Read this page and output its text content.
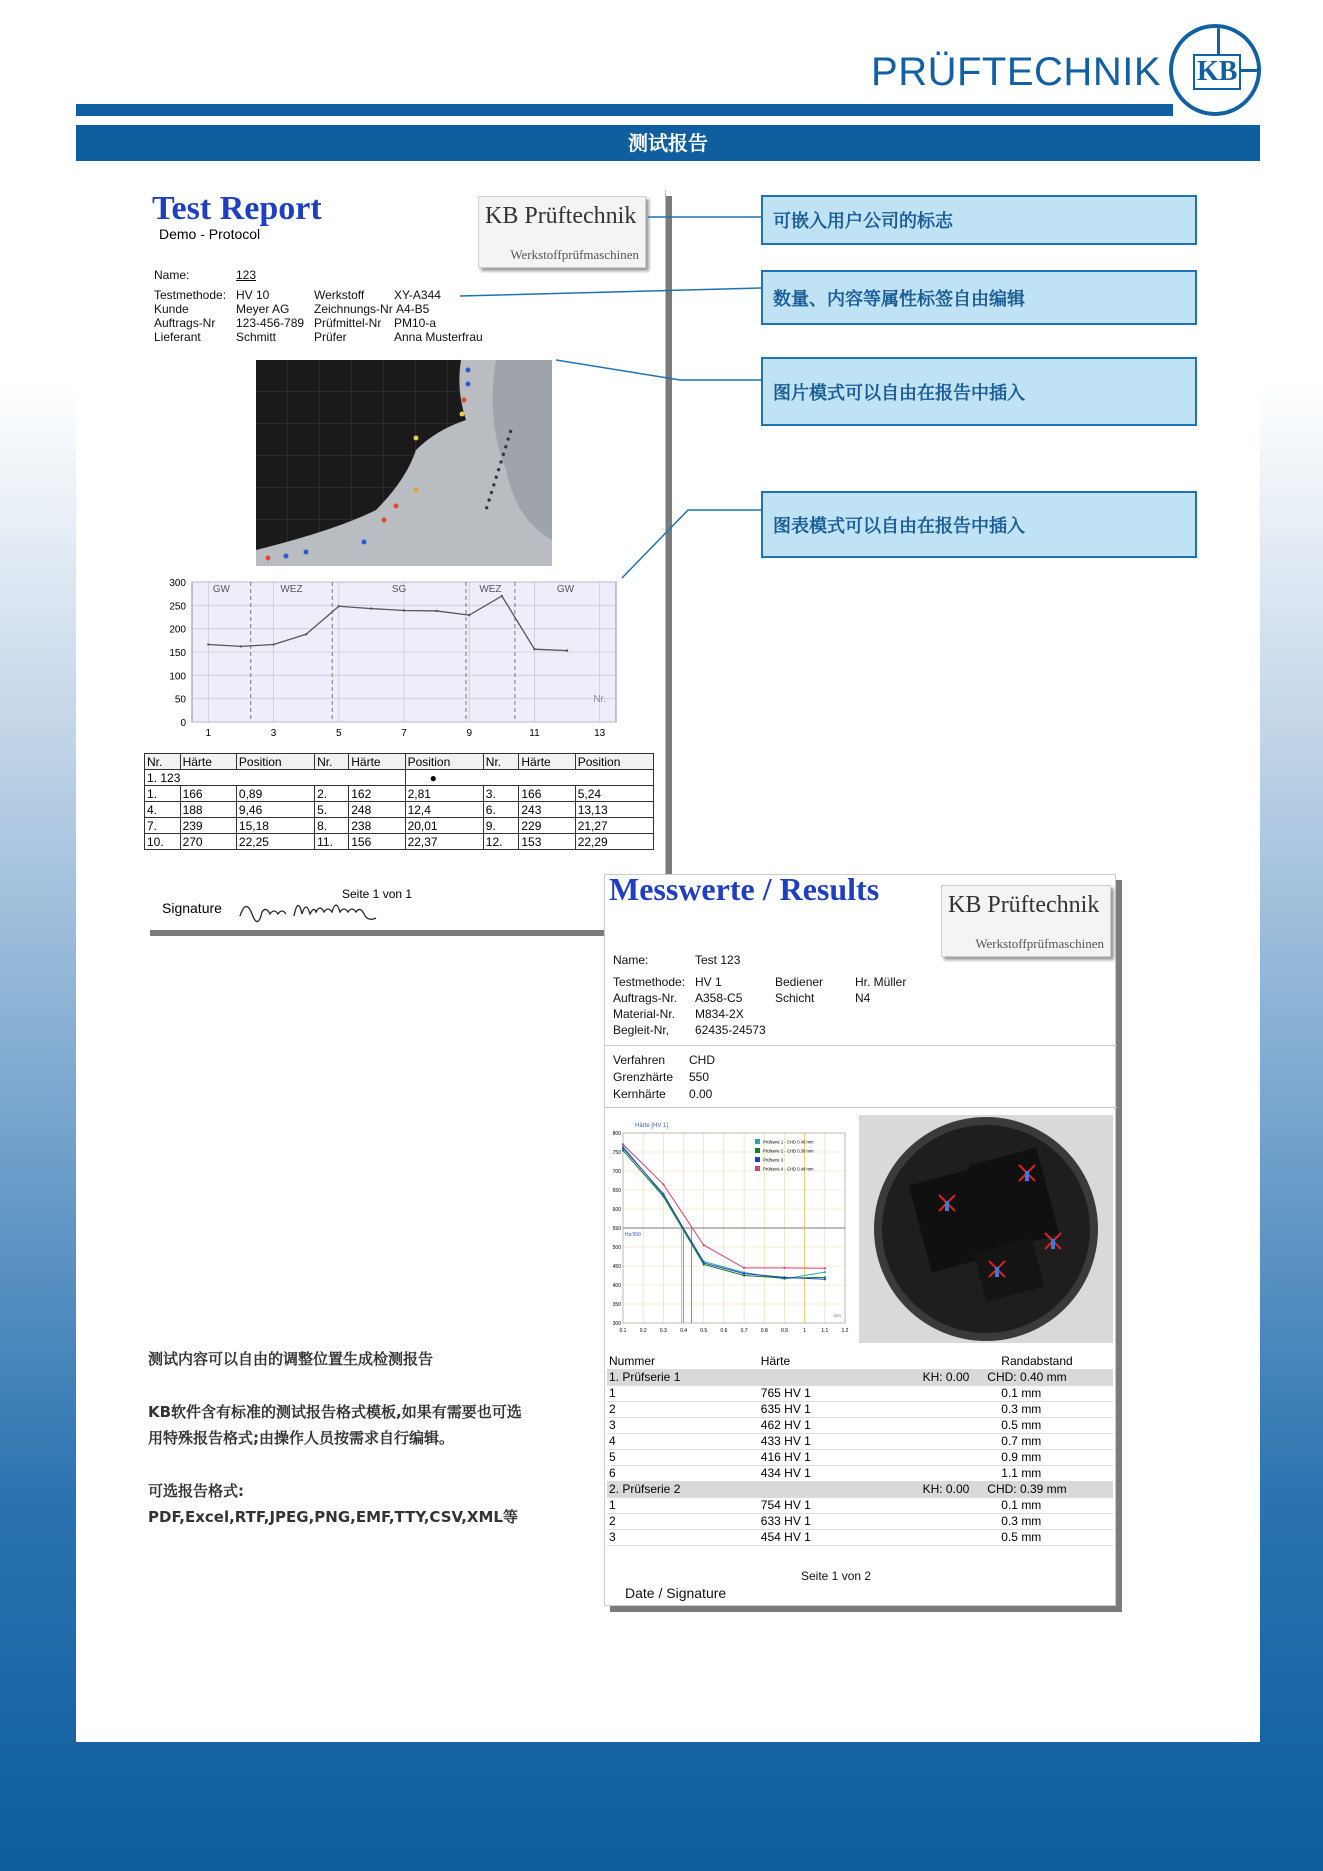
PRÜFTECHNIK KB
测试报告
Test Report
Demo - Protocol
KB Prüftechnik
Werkstoffprüfmaschinen
Name:	123
Testmethode: HV 10
Kunde	Meyer AG
Auftrags-Nr 123-456-789
Lieferant	Schmitt
Werkstoff XY-A344
Zeichnungs-Nr A4-B5
Prüfmittel-Nr PM10-a
Prüfer	Anna Musterfrau
0
50
100
150
200
250
300
1	3	5	7	9	11	13
GW	WEZ	SG	WEZ	GW
Nr.
Nr.	Härte	Position	Nr.	Härte	Position	Nr.	Härte	Position
1. 123					●			
1.	166	0,89	2.	162	2,81	3.	166	5,24
4.	188	9,46	5.	248	12,4	6.	243	13,13
7.	239	15,18	8.	238	20,01	9.	229	21,27
10.	270	22,25	11.	156	22,37	12.	153	22,29
Seite 1 von 1
Signature
可嵌入用户公司的标志
数量、内容等属性标签自由编辑
图片模式可以自由在报告中插入
图表模式可以自由在报告中插入
测试内容可以自由的调整位置生成检测报告
KB软件含有标准的测试报告格式模板,如果有需要也可选
用特殊报告格式;由操作人员按需求自行编辑。
可选报告格式:
PDF,Excel,RTF,JPEG,PNG,EMF,TTY,CSV,XML等
Messwerte / Results	KB Prüftechnik
Werkstoffprüfmaschinen
Name:	Test 123
Testmethode: HV 1
Auftrags-Nr. A358-C5
Material-Nr. M834-2X
Begleit-Nr, 62435-24573
Bediener	Hr. Müller
Schicht	N4
Verfahren CHD
Grenzhärte 550
Kernhärte 0.00
Härte [HV 1]
300
350
400
450
500
550
600
650
700
750
800
0.1	0.2	0.3	0.4	0.5	0.6	0.7	0.8	0.9	1	1.1	1.2
Hs:550
Prüfserie 1 - CHD 0.40 mm
Prüfserie 2 - CHD 0.39 mm
Prüfserie 3
Prüfserie 4 - CHD 0.44 mm
mm
Nummer	Härte		Randabstand
1. Prüfserie 1		KH: 0.00	CHD: 0.40 mm
1	765 HV 1		0.1 mm
2	635 HV 1		0.3 mm
3	462 HV 1		0.5 mm
4	433 HV 1		0.7 mm
5	416 HV 1		0.9 mm
6	434 HV 1		1.1 mm
2. Prüfserie 2		KH: 0.00	CHD: 0.39 mm
1	754 HV 1		0.1 mm
2	633 HV 1		0.3 mm
3	454 HV 1		0.5 mm
Seite 1 von 2
Date / Signature
